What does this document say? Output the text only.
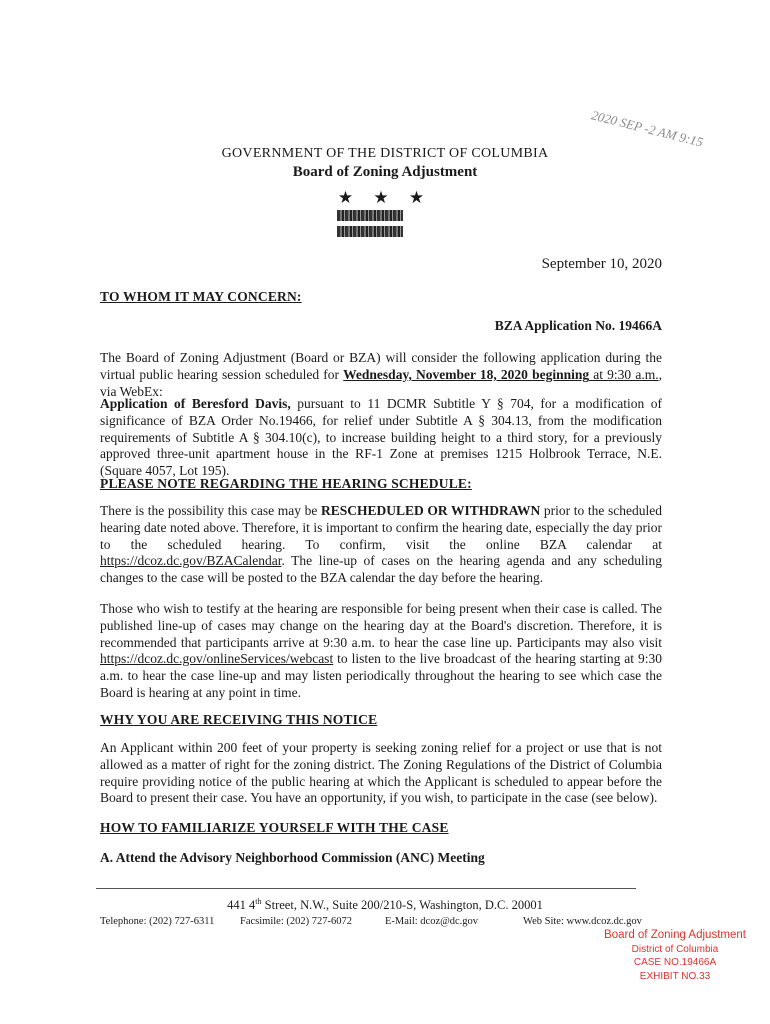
GOVERNMENT OF THE DISTRICT OF COLUMBIA
Board of Zoning Adjustment
★ ★ ★
2020 SEP -2 AM 9:15
September 10, 2020
TO WHOM IT MAY CONCERN:
BZA Application No. 19466A
The Board of Zoning Adjustment (Board or BZA) will consider the following application during the virtual public hearing session scheduled for Wednesday, November 18, 2020 beginning at 9:30 a.m., via WebEx:
Application of Beresford Davis, pursuant to 11 DCMR Subtitle Y § 704, for a modification of significance of BZA Order No.19466, for relief under Subtitle A § 304.13, from the modification requirements of Subtitle A § 304.10(c), to increase building height to a third story, for a previously approved three-unit apartment house in the RF-1 Zone at premises 1215 Holbrook Terrace, N.E. (Square 4057, Lot 195).
PLEASE NOTE REGARDING THE HEARING SCHEDULE:
There is the possibility this case may be RESCHEDULED OR WITHDRAWN prior to the scheduled hearing date noted above. Therefore, it is important to confirm the hearing date, especially the day prior to the scheduled hearing. To confirm, visit the online BZA calendar at https://dcoz.dc.gov/BZACalendar. The line-up of cases on the hearing agenda and any scheduling changes to the case will be posted to the BZA calendar the day before the hearing.
Those who wish to testify at the hearing are responsible for being present when their case is called. The published line-up of cases may change on the hearing day at the Board's discretion. Therefore, it is recommended that participants arrive at 9:30 a.m. to hear the case line up. Participants may also visit https://dcoz.dc.gov/onlineServices/webcast to listen to the live broadcast of the hearing starting at 9:30 a.m. to hear the case line-up and may listen periodically throughout the hearing to see which case the Board is hearing at any point in time.
WHY YOU ARE RECEIVING THIS NOTICE
An Applicant within 200 feet of your property is seeking zoning relief for a project or use that is not allowed as a matter of right for the zoning district. The Zoning Regulations of the District of Columbia require providing notice of the public hearing at which the Applicant is scheduled to appear before the Board to present their case. You have an opportunity, if you wish, to participate in the case (see below).
HOW TO FAMILIARIZE YOURSELF WITH THE CASE
A. Attend the Advisory Neighborhood Commission (ANC) Meeting
441 4th Street, N.W., Suite 200/210-S, Washington, D.C. 20001
Telephone: (202) 727-6311 Facsimile: (202) 727-6072	E-Mail: dcoz@dc.gov	Web Site: www.dcoz.dc.gov
Board of Zoning Adjustment
District of Columbia
CASE NO.19466A
EXHIBIT NO.33
